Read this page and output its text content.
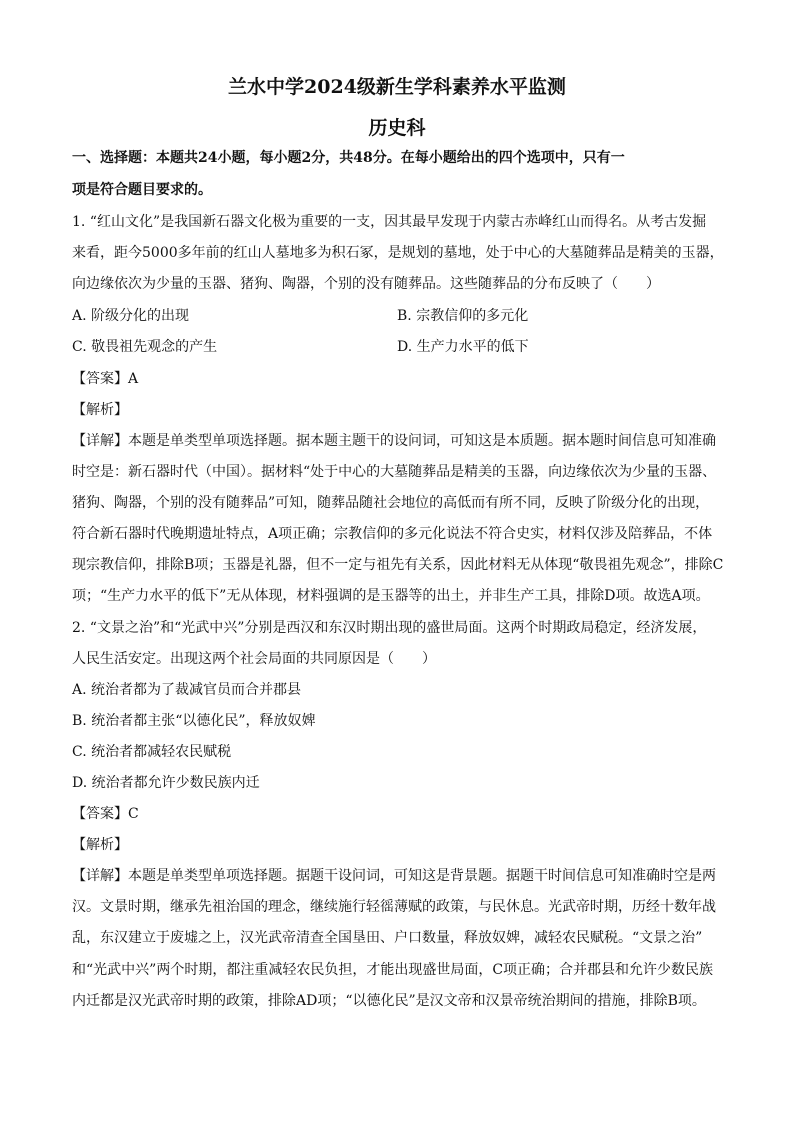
兰水中学2024级新生学科素养水平监测
历史科
一、选择题：本题共24小题，每小题2分，共48分。在每小题给出的四个选项中，只有一
项是符合题目要求的。
1. “红山文化”是我国新石器文化极为重要的一支，因其最早发现于内蒙古赤峰红山而得名。从考古发掘
来看，距今5000多年前的红山人墓地多为积石冢，是规划的墓地，处于中心的大墓随葬品是精美的玉器，
向边缘依次为少量的玉器、猪狗、陶器，个别的没有随葬品。这些随葬品的分布反映了（　　）
A. 阶级分化的出现	B. 宗教信仰的多元化
C. 敬畏祖先观念的产生	D. 生产力水平的低下
【答案】A
【解析】
【详解】本题是单类型单项选择题。据本题主题干的设问词，可知这是本质题。据本题时间信息可知准确
时空是：新石器时代（中国）。据材料“处于中心的大墓随葬品是精美的玉器，向边缘依次为少量的玉器、
猪狗、陶器，个别的没有随葬品”可知，随葬品随社会地位的高低而有所不同，反映了阶级分化的出现，
符合新石器时代晚期遗址特点，A项正确；宗教信仰的多元化说法不符合史实，材料仅涉及陪葬品，不体
现宗教信仰，排除B项；玉器是礼器，但不一定与祖先有关系，因此材料无从体现“敬畏祖先观念”，排除C
项；“生产力水平的低下”无从体现，材料强调的是玉器等的出土，并非生产工具，排除D项。故选A项。
2. “文景之治”和“光武中兴”分别是西汉和东汉时期出现的盛世局面。这两个时期政局稳定，经济发展，
人民生活安定。出现这两个社会局面的共同原因是（　　）
A. 统治者都为了裁减官员而合并郡县
B. 统治者都主张“以德化民”，释放奴婢
C. 统治者都减轻农民赋税
D. 统治者都允许少数民族内迁
【答案】C
【解析】
【详解】本题是单类型单项选择题。据题干设问词，可知这是背景题。据题干时间信息可知准确时空是两
汉。文景时期，继承先祖治国的理念，继续施行轻徭薄赋的政策，与民休息。光武帝时期，历经十数年战
乱，东汉建立于废墟之上，汉光武帝清查全国垦田、户口数量，释放奴婢，减轻农民赋税。“文景之治”
和“光武中兴”两个时期，都注重减轻农民负担，才能出现盛世局面，C项正确；合并郡县和允许少数民族
内迁都是汉光武帝时期的政策，排除AD项；“以德化民”是汉文帝和汉景帝统治期间的措施，排除B项。
